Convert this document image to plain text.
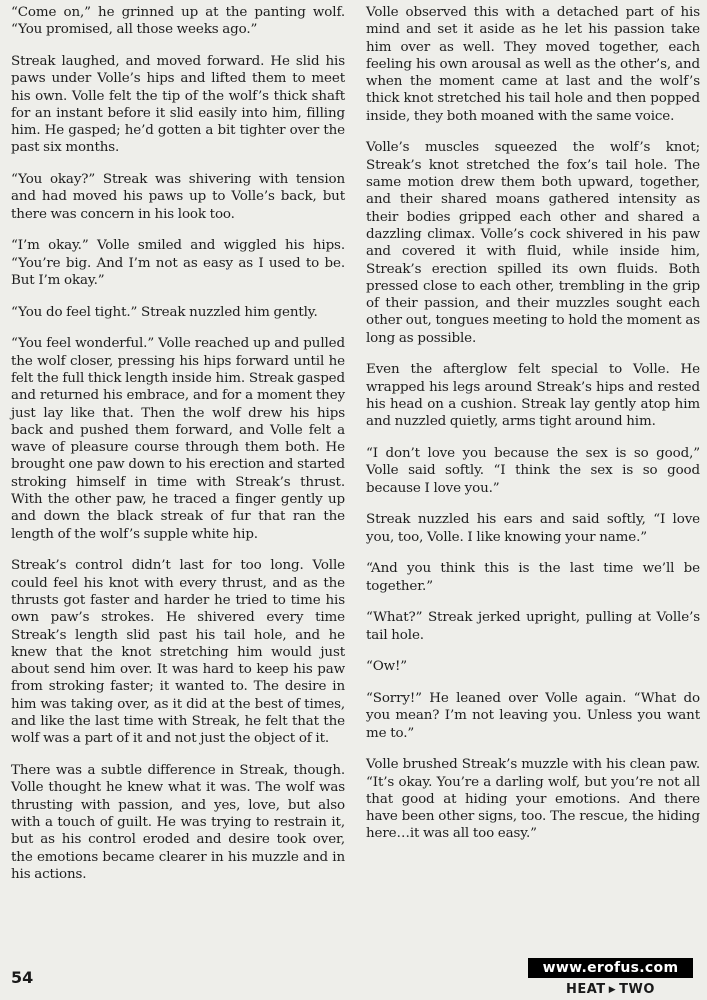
“Come on,” he grinned up at the panting wolf. “You promised, all those weeks ago.”

Streak laughed, and moved forward. He slid his paws under Volle’s hips and lifted them to meet his own. Volle felt the tip of the wolf’s thick shaft for an instant before it slid easily into him, filling him. He gasped; he’d gotten a bit tighter over the past six months.

“You okay?” Streak was shivering with tension and had moved his paws up to Volle’s back, but there was concern in his look too.

“I’m okay.” Volle smiled and wiggled his hips. “You’re big. And I’m not as easy as I used to be. But I’m okay.”

“You do feel tight.” Streak nuzzled him gently.

“You feel wonderful.” Volle reached up and pulled the wolf closer, pressing his hips forward until he felt the full thick length inside him. Streak gasped and returned his embrace, and for a moment they just lay like that. Then the wolf drew his hips back and pushed them forward, and Volle felt a wave of pleasure course through them both. He brought one paw down to his erection and started stroking himself in time with Streak’s thrust. With the other paw, he traced a finger gently up and down the black streak of fur that ran the length of the wolf’s supple white hip.

Streak’s control didn’t last for too long. Volle could feel his knot with every thrust, and as the thrusts got faster and harder he tried to time his own paw’s strokes. He shivered every time Streak’s length slid past his tail hole, and he knew that the knot stretching him would just about send him over. It was hard to keep his paw from stroking faster; it wanted to. The desire in him was taking over, as it did at the best of times, and like the last time with Streak, he felt that the wolf was a part of it and not just the object of it.

There was a subtle difference in Streak, though. Volle thought he knew what it was. The wolf was thrusting with passion, and yes, love, but also with a touch of guilt. He was trying to restrain it, but as his control eroded and desire took over, the emotions became clearer in his muzzle and in his actions.

Volle observed this with a detached part of his mind and set it aside as he let his passion take him over as well. They moved together, each feeling his own arousal as well as the other’s, and when the moment came at last and the wolf’s thick knot stretched his tail hole and then popped inside, they both moaned with the same voice.

Volle’s muscles squeezed the wolf’s knot; Streak’s knot stretched the fox’s tail hole. The same motion drew them both upward, together, and their shared moans gathered intensity as their bodies gripped each other and shared a dazzling climax. Volle’s cock shivered in his paw and covered it with fluid, while inside him, Streak’s erection spilled its own fluids. Both pressed close to each other, trembling in the grip of their passion, and their muzzles sought each other out, tongues meeting to hold the moment as long as possible.

Even the afterglow felt special to Volle. He wrapped his legs around Streak’s hips and rested his head on a cushion. Streak lay gently atop him and nuzzled quietly, arms tight around him.

“I don’t love you because the sex is so good,” Volle said softly. “I think the sex is so good because I love you.”

Streak nuzzled his ears and said softly, “I love you, too, Volle. I like knowing your name.”

“And you think this is the last time we’ll be together.”

“What?” Streak jerked upright, pulling at Volle’s tail hole.

“Ow!”

“Sorry!” He leaned over Volle again. “What do you mean? I’m not leaving you. Unless you want me to.”

Volle brushed Streak’s muzzle with his clean paw. “It’s okay. You’re a darling wolf, but you’re not all that good at hiding your emotions. And there have been other signs, too. The rescue, the hiding here…it was all too easy.”

54	www.erofus.com
HEAT ▶ TWO
